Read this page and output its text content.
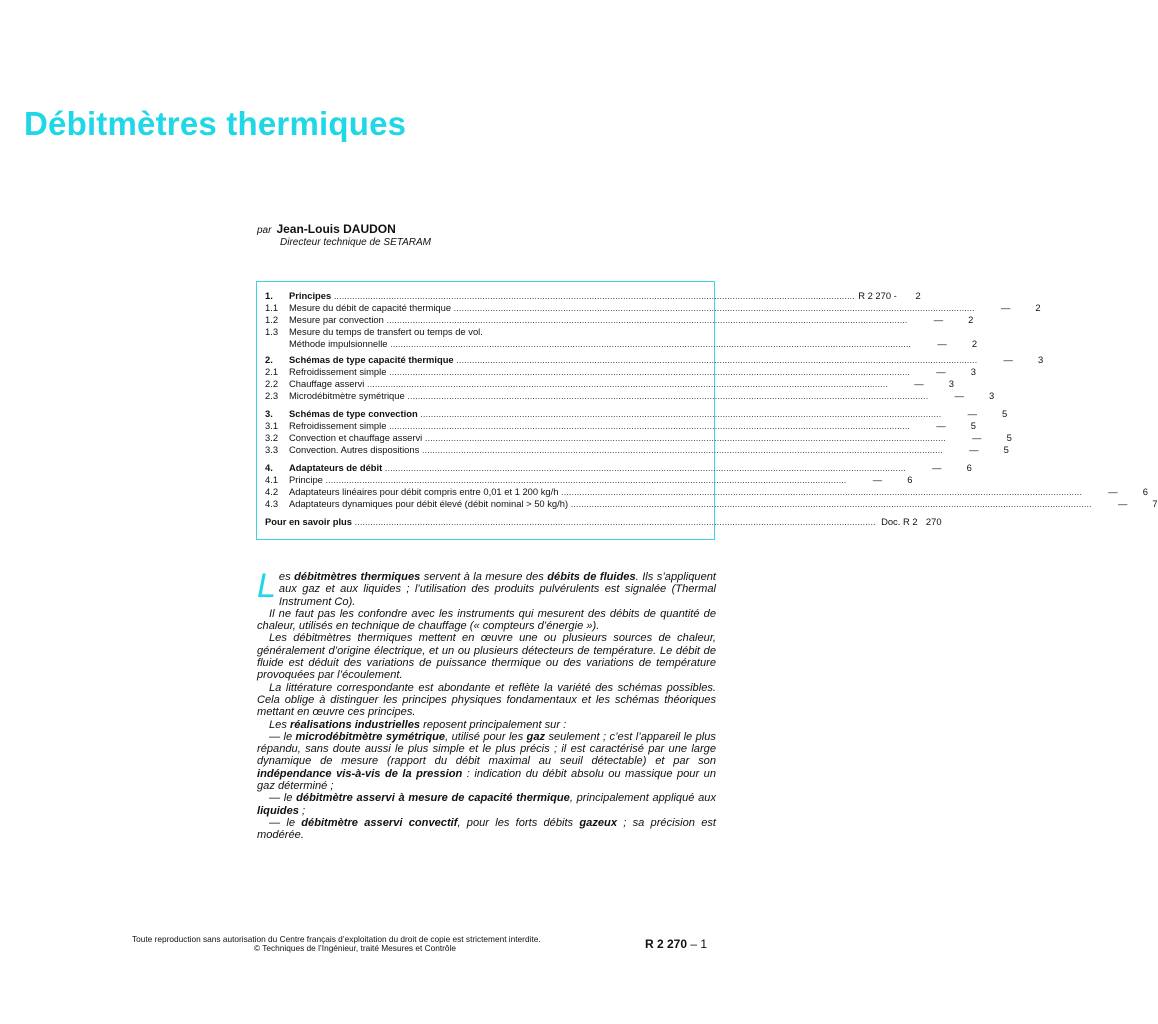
Débitmètres thermiques
par Jean-Louis DAUDON
Directeur technique de SETARAM
1.	Principes ........................................................................................................................................................................................................ R 2 270 -	2
1.1	Mesure du débit de capacité thermique ........................................................................................................................................................................................................	—	2
1.2	Mesure par convection ........................................................................................................................................................................................................	—	2
1.3	Mesure du temps de transfert ou temps de vol.
Méthode impulsionnelle ........................................................................................................................................................................................................	—	2
2.	Schémas de type capacité thermique ........................................................................................................................................................................................................	—	3
2.1	Refroidissement simple ........................................................................................................................................................................................................	—	3
2.2	Chauffage asservi ........................................................................................................................................................................................................	—	3
2.3	Microdébitmètre symétrique ........................................................................................................................................................................................................	—	3
3.	Schémas de type convection ........................................................................................................................................................................................................	—	5
3.1	Refroidissement simple ........................................................................................................................................................................................................	—	5
3.2	Convection et chauffage asservi ........................................................................................................................................................................................................	—	5
3.3	Convection. Autres dispositions ........................................................................................................................................................................................................	—	5
4.	Adaptateurs de débit ........................................................................................................................................................................................................	—	6
4.1	Principe ........................................................................................................................................................................................................	—	6
4.2	Adaptateurs linéaires pour débit compris entre 0,01 et 1 200 kg/h ........................................................................................................................................................................................................	—	6
4.3	Adaptateurs dynamiques pour débit élevé (débit nominal > 50 kg/h) ........................................................................................................................................................................................................	—	7
Pour en savoir plus ........................................................................................................................................................................................................ Doc. R 2 270

Les débitmètres thermiques servent à la mesure des débits de fluides. Ils s’appliquent aux gaz et aux liquides ; l’utilisation des produits pulvérulents est signalée (Thermal Instrument Co).

Il ne faut pas les confondre avec les instruments qui mesurent des débits de quantité de chaleur, utilisés en technique de chauffage (« compteurs d’énergie »).

Les débitmètres thermiques mettent en œuvre une ou plusieurs sources de chaleur, généralement d’origine électrique, et un ou plusieurs détecteurs de température. Le débit de fluide est déduit des variations de puissance thermique ou des variations de température provoquées par l’écoulement.

La littérature correspondante est abondante et reflète la variété des schémas possibles. Cela oblige à distinguer les principes physiques fondamentaux et les schémas théoriques mettant en œuvre ces principes.

Les réalisations industrielles reposent principalement sur :

— le microdébitmètre symétrique, utilisé pour les gaz seulement ; c’est l’appareil le plus répandu, sans doute aussi le plus simple et le plus précis ; il est caractérisé par une large dynamique de mesure (rapport du débit maximal au seuil détectable) et par son indépendance vis-à-vis de la pression : indication du débit absolu ou massique pour un gaz déterminé ;

— le débitmètre asservi à mesure de capacité thermique, principalement appliqué aux liquides ;

— le débitmètre asservi convectif, pour les forts débits gazeux ; sa précision est modérée.

Toute reproduction sans autorisation du Centre français d’exploitation du droit de copie est strictement interdite.
© Techniques de l’Ingénieur, traité Mesures et Contrôle	R 2 270 – 1
